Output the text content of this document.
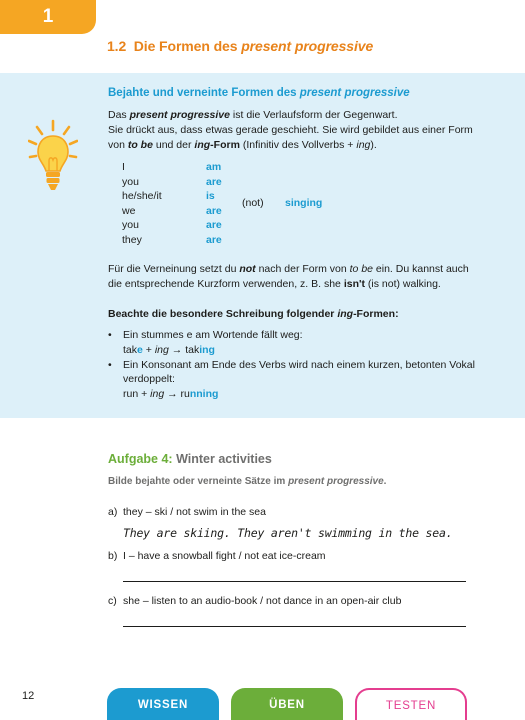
1
1.2 Die Formen des present progressive
Bejahte und verneinte Formen des present progressive
Das present progressive ist die Verlaufsform der Gegenwart.
Sie drückt aus, dass etwas gerade geschieht. Sie wird gebildet aus einer Form
von to be und der ing-Form (Infinitiv des Vollverbs + ing).
I	am
you	are
he/she/it	is
we	are
you	are
they	are
(not) singing
Für die Verneinung setzt du not nach der Form von to be ein. Du kannst auch
die entsprechende Kurzform verwenden, z. B. she isn't (is not) walking.
Beachte die besondere Schreibung folgender ing-Formen:
• Ein stummes e am Wortende fällt weg:
take + ing → taking
• Ein Konsonant am Ende des Verbs wird nach einem kurzen, betonten Vokal
verdoppelt:
run + ing → running
Aufgabe 4: Winter activities
Bilde bejahte oder verneinte Sätze im present progressive.
a) they – ski / not swim in the sea
They are skiing. They aren't swimming in the sea.
b) I – have a snowball fight / not eat ice-cream
c) she – listen to an audio-book / not dance in an open-air club
12
WISSEN	ÜBEN	TESTEN
